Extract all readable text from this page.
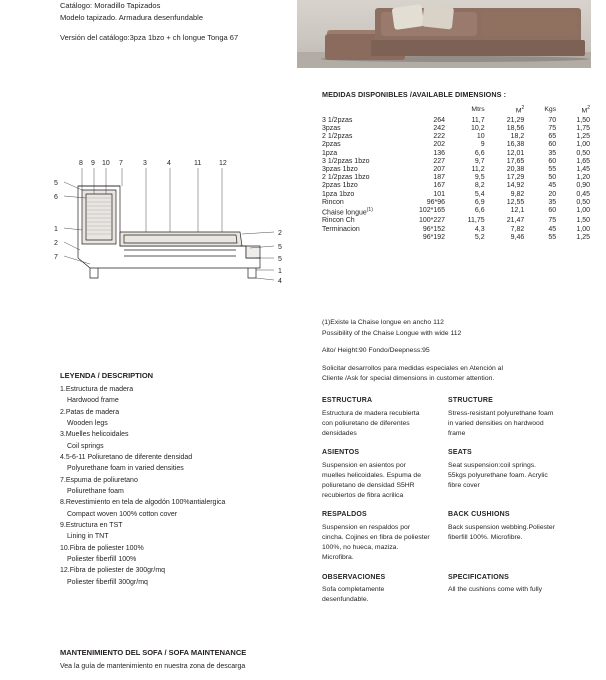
Catálogo: Moradillo Tapizados
Modelo tapizado. Armadura desenfundable
Versión del catálogo:3pza 1bzo + ch longue Tonga 67
8 9 10 7	3	4	11	12
5
6
1
2
7
2
5
5
1
4
MEDIDAS DISPONIBLES /AVAILABLE DIMENSIONS :
		Mtrs	$M^2$	Kgs	$M^2$
3 1/2pzas	264	11,7	21,29	70	1,50
3pzas	242	10,2	18,56	75	1,75
2 1/2pzas	222	10	18,2	65	1,25
2pzas	202	9	16,38	60	1,00
1pza	136	6,6	12,01	35	0,50
3 1/2pzas 1bzo	227	9,7	17,65	60	1,65
3pzas 1bzo	207	11,2	20,38	55	1,45
2 1/2pzas 1bzo	187	9,5	17,29	50	1,20
2pzas 1bzo	167	8,2	14,92	45	0,90
1pza 1bzo	101	5,4	9,82	20	0,45
Rincon	96*96	6,9	12,55	35	0,50
Chaise longue$^{(1)}$	102*165	6,6	12,1	60	1,00
Rincon Ch	100*227	11,75	21,47	75	1,50
Terminacion	96*152	4,3	7,82	45	1,00
	96*192	5,2	9,46	55	1,25
(1)Existe la Chaise longue en ancho 112
Possibility of the Chaise Longue with wide 112
Alto/ Height:90 Fondo/Deepness:95
Solicitar desarrollos para medidas especiales en Atención al
Cliente /Ask for special dimensions in customer attention.
LEYENDA / DESCRIPTION
1.Estructura de madera
Hardwood frame
2.Patas de madera
Wooden legs
3.Muelles helicoidales
Coil springs
4.5-6-11 Poliuretano de diferente densidad
Polyurethane foam in varied densities
7.Espuma de poliuretano
Poliurethane foam
8.Revestimiento en tela de algodón 100%antialergica
Compact woven 100% cotton cover
9.Estructura en TST
Lining in TNT
10.Fibra de poliester 100%
Poliester fiberfill 100%
12.Fibra de poliester de 300gr/mq
Poliester fiberfill 300gr/mq
MANTENIMIENTO DEL SOFA / SOFA MAINTENANCE
Vea la guía de mantenimiento en nuestra zona de descarga
ESTRUCTURA
Estructura de madera recubierta con poliuretano de diferentes densidades
STRUCTURE
Stress-resistant polyurethane foam in varied densities on hardwood frame
ASIENTOS
Suspension en asientos por muelles helicoidales. Espuma de poliuretano de densidad S5HR recubiertos de fibra acrilica
SEATS
Seat suspension:coil springs. 55kgs polyurethane foam. Acrylic fibre cover
RESPALDOS
Suspension en respaldos por cincha. Cojines en fibra de poliester 100%, no hueca, maziza. Microfibra.
BACK CUSHIONS
Back suspension webbing.Poliester fiberfill 100%. Microfibre.
OBSERVACIONES
Sofa completamente desenfundable.
SPECIFICATIONS
All the cushions come with fully
